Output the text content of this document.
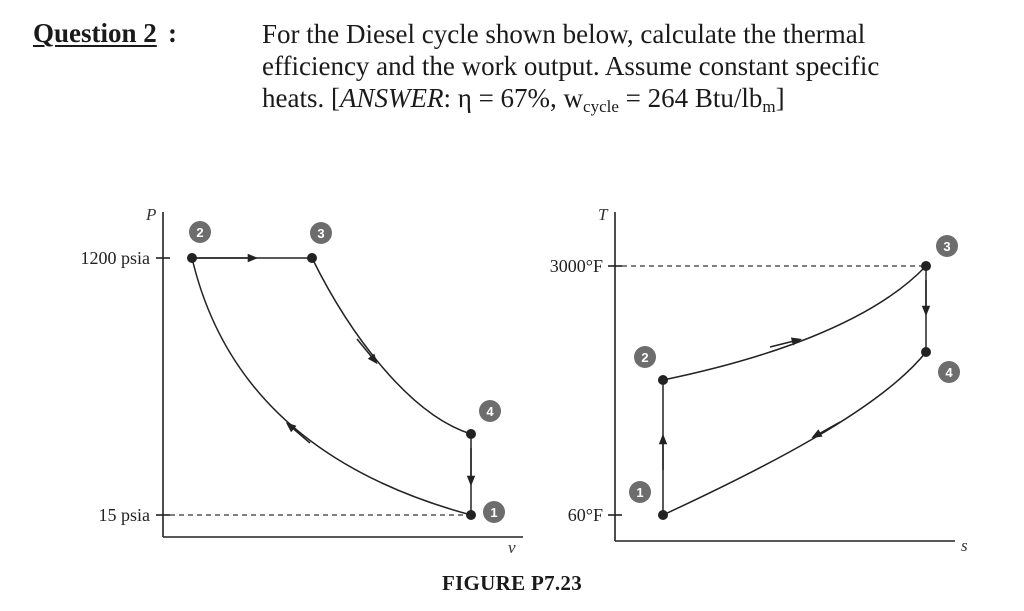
Question 2 :	For the Diesel cycle shown below, calculate the thermal
efficiency and the work output. Assume constant specific
heats. [ANSWER: η = 67%, $w_{cycle} = 264$ Btu/$lb_m$]
P
v
1200 psia
15 psia
2	3
4
1
T
s
3000°F
60°F
1
2
3
4
FIGURE P7.23
